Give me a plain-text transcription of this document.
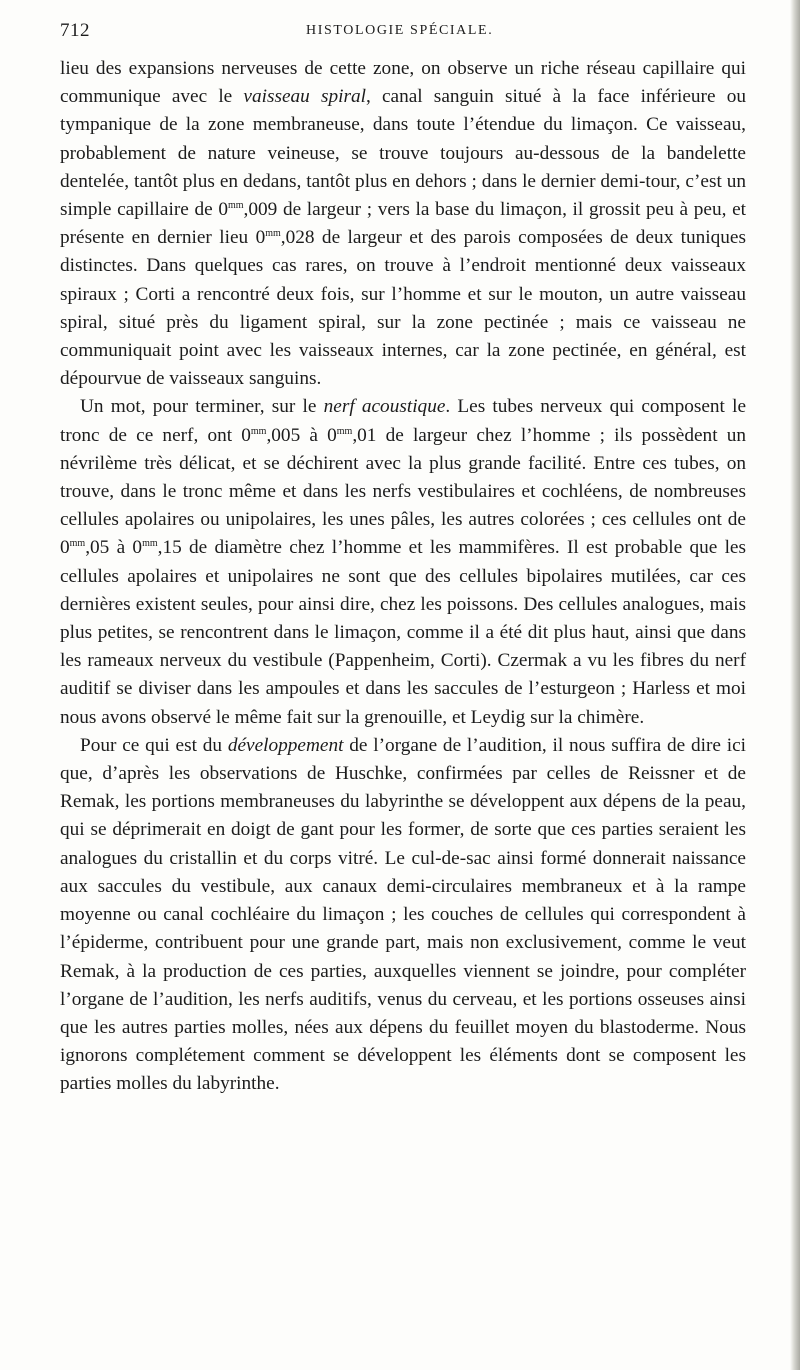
712	HISTOLOGIE SPÉCIALE.

lieu des expansions nerveuses de cette zone, on observe un riche réseau capillaire qui communique avec le vaisseau spiral, canal sanguin situé à la face inférieure ou tympanique de la zone membraneuse, dans toute l’étendue du limaçon. Ce vaisseau, probablement de nature veineuse, se trouve toujours au-dessous de la bandelette dentelée, tantôt plus en dedans, tantôt plus en dehors ; dans le dernier demi-tour, c’est un simple capillaire de $0^{mm},009$ de largeur ; vers la base du limaçon, il grossit peu à peu, et présente en dernier lieu $0^{mm},028$ de largeur et des parois composées de deux tuniques distinctes. Dans quelques cas rares, on trouve à l’endroit mentionné deux vaisseaux spiraux ; Corti a rencontré deux fois, sur l’homme et sur le mouton, un autre vaisseau spiral, situé près du ligament spiral, sur la zone pectinée ; mais ce vaisseau ne communiquait point avec les vaisseaux internes, car la zone pectinée, en général, est dépourvue de vaisseaux sanguins.

Un mot, pour terminer, sur le nerf acoustique. Les tubes nerveux qui composent le tronc de ce nerf, ont $0^{mm},005$ à $0^{mm},01$ de largeur chez l’homme ; ils possèdent un névrilème très délicat, et se déchirent avec la plus grande facilité. Entre ces tubes, on trouve, dans le tronc même et dans les nerfs vestibulaires et cochléens, de nombreuses cellules apolaires ou unipolaires, les unes pâles, les autres colorées ; ces cellules ont de $0^{mm},05$ à $0^{mm},15$ de diamètre chez l’homme et les mammifères. Il est probable que les cellules apolaires et unipolaires ne sont que des cellules bipolaires mutilées, car ces dernières existent seules, pour ainsi dire, chez les poissons. Des cellules analogues, mais plus petites, se rencontrent dans le limaçon, comme il a été dit plus haut, ainsi que dans les rameaux nerveux du vestibule (Pappenheim, Corti). Czermak a vu les fibres du nerf auditif se diviser dans les ampoules et dans les saccules de l’esturgeon ; Harless et moi nous avons observé le même fait sur la grenouille, et Leydig sur la chimère.

Pour ce qui est du développement de l’organe de l’audition, il nous suffira de dire ici que, d’après les observations de Huschke, confirmées par celles de Reissner et de Remak, les portions membraneuses du labyrinthe se développent aux dépens de la peau, qui se déprimerait en doigt de gant pour les former, de sorte que ces parties seraient les analogues du cristallin et du corps vitré. Le cul-de-sac ainsi formé donnerait naissance aux saccules du vestibule, aux canaux demi-circulaires membraneux et à la rampe moyenne ou canal cochléaire du limaçon ; les couches de cellules qui correspondent à l’épiderme, contribuent pour une grande part, mais non exclusivement, comme le veut Remak, à la production de ces parties, auxquelles viennent se joindre, pour compléter l’organe de l’audition, les nerfs auditifs, venus du cerveau, et les portions osseuses ainsi que les autres parties molles, nées aux dépens du feuillet moyen du blastoderme. Nous ignorons complétement comment se développent les éléments dont se composent les parties molles du labyrinthe.
